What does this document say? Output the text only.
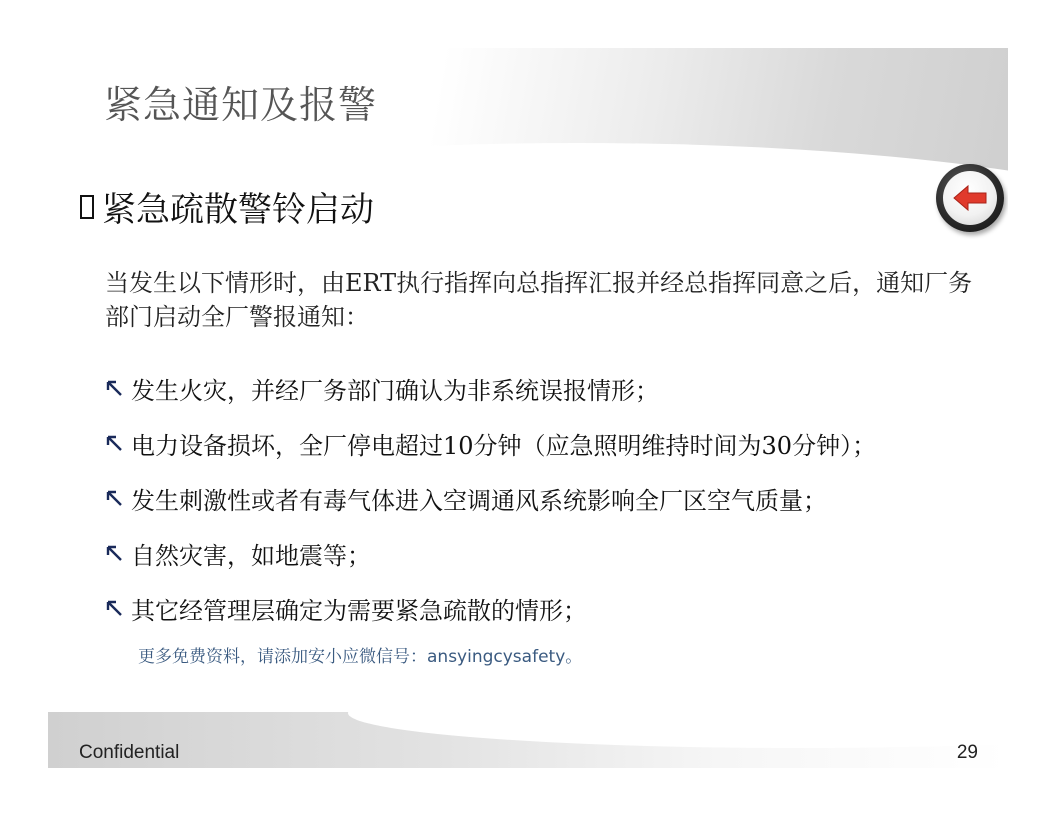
紧急通知及报警
紧急疏散警铃启动
当发生以下情形时，由ERT执行指挥向总指挥汇报并经总指挥同意之后，通知厂务部门启动全厂警报通知：
发生火灾，并经厂务部门确认为非系统误报情形；
电力设备损坏，全厂停电超过10分钟（应急照明维持时间为30分钟）；
发生刺激性或者有毒气体进入空调通风系统影响全厂区空气质量；
自然灾害，如地震等；
其它经管理层确定为需要紧急疏散的情形；
更多免费资料，请添加安小应微信号：ansyingcysafety。
Confidential	29
